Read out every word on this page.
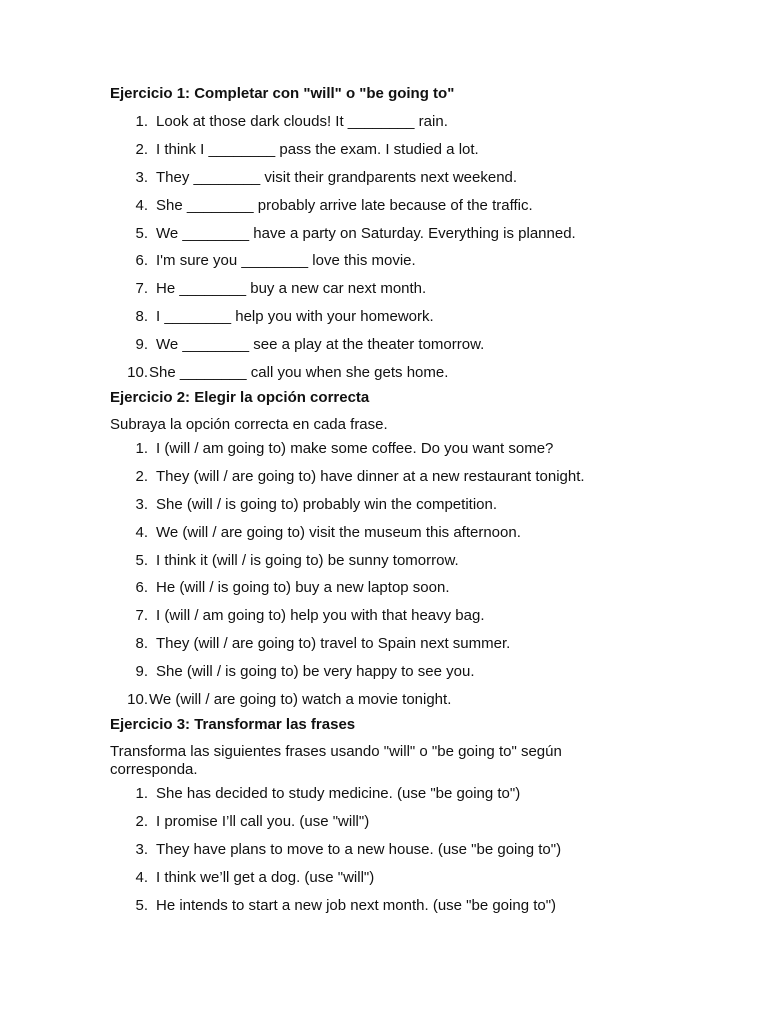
Ejercicio 1: Completar con "will" o "be going to"
1. Look at those dark clouds! It ________ rain.
2. I think I ________ pass the exam. I studied a lot.
3. They ________ visit their grandparents next weekend.
4. She ________ probably arrive late because of the traffic.
5. We ________ have a party on Saturday. Everything is planned.
6. I'm sure you ________ love this movie.
7. He ________ buy a new car next month.
8. I ________ help you with your homework.
9. We ________ see a play at the theater tomorrow.
10. She ________ call you when she gets home.
Ejercicio 2: Elegir la opción correcta

Subraya la opción correcta en cada frase.

1. I (will / am going to) make some coffee. Do you want some?
2. They (will / are going to) have dinner at a new restaurant tonight.
3. She (will / is going to) probably win the competition.
4. We (will / are going to) visit the museum this afternoon.
5. I think it (will / is going to) be sunny tomorrow.
6. He (will / is going to) buy a new laptop soon.
7. I (will / am going to) help you with that heavy bag.
8. They (will / are going to) travel to Spain next summer.
9. She (will / is going to) be very happy to see you.
10. We (will / are going to) watch a movie tonight.
Ejercicio 3: Transformar las frases

Transforma las siguientes frases usando "will" o "be going to" según corresponda.

1. She has decided to study medicine. (use "be going to")
2. I promise I’ll call you. (use "will")
3. They have plans to move to a new house. (use "be going to")
4. I think we’ll get a dog. (use "will")
5. He intends to start a new job next month. (use "be going to")
